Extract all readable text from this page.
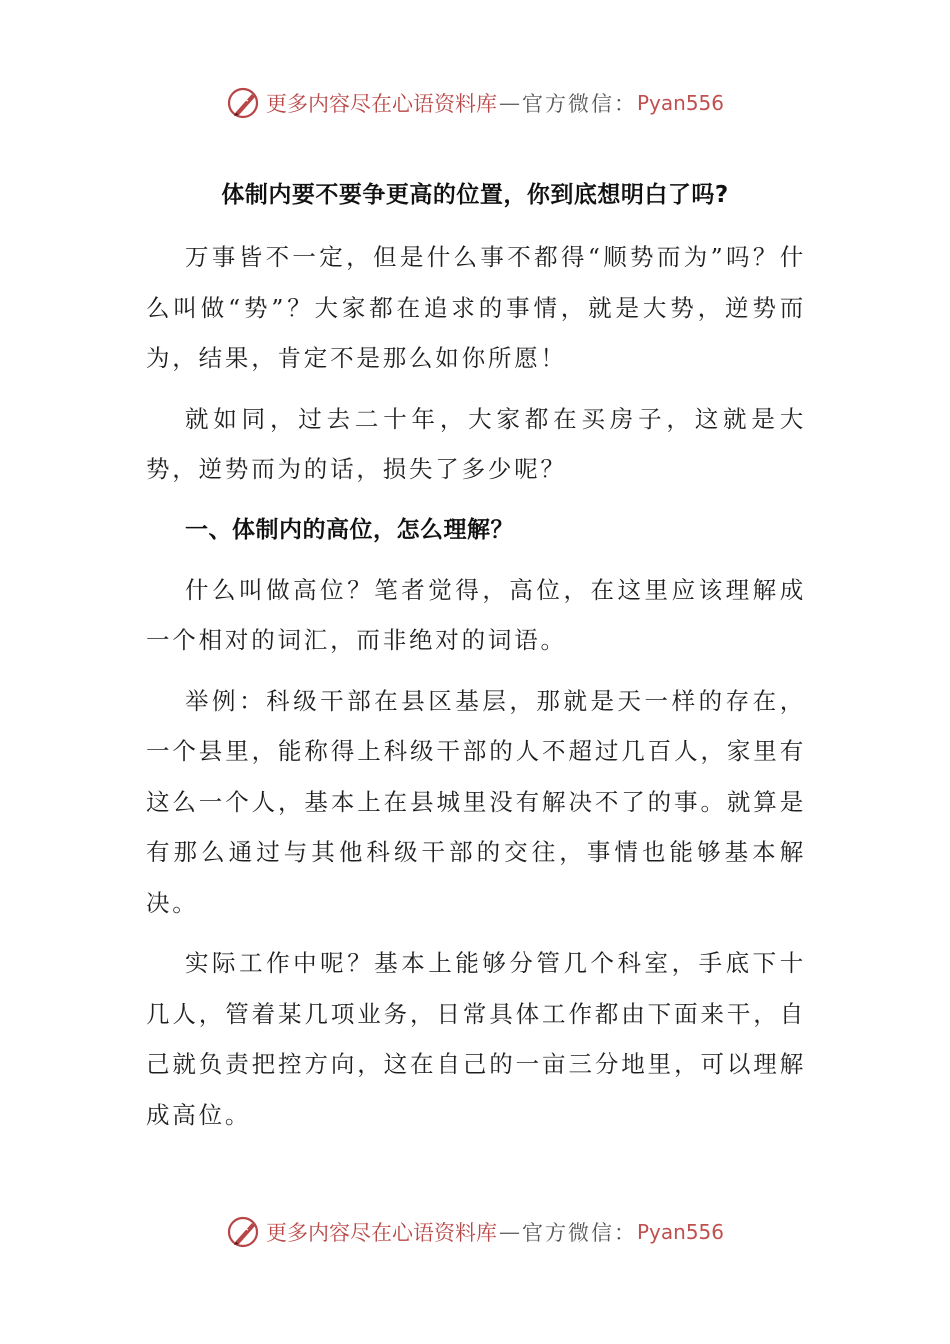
更多内容尽在心语资料库 — 官方微信： Pyan556
体制内要不要争更高的位置，你到底想明白了吗?

万事皆不一定，但是什么事不都得“顺势而为”吗？什么叫做“势”？大家都在追求的事情，就是大势，逆势而为，结果，肯定不是那么如你所愿！

就如同，过去二十年，大家都在买房子，这就是大势，逆势而为的话，损失了多少呢？

一、体制内的高位，怎么理解？

什么叫做高位？笔者觉得，高位，在这里应该理解成一个相对的词汇，而非绝对的词语。

举例：科级干部在县区基层，那就是天一样的存在，一个县里，能称得上科级干部的人不超过几百人，家里有这么一个人，基本上在县城里没有解决不了的事。就算是有那么通过与其他科级干部的交往，事情也能够基本解决。

实际工作中呢？基本上能够分管几个科室，手底下十几人，管着某几项业务，日常具体工作都由下面来干，自己就负责把控方向，这在自己的一亩三分地里，可以理解成高位。

更多内容尽在心语资料库 — 官方微信： Pyan556
